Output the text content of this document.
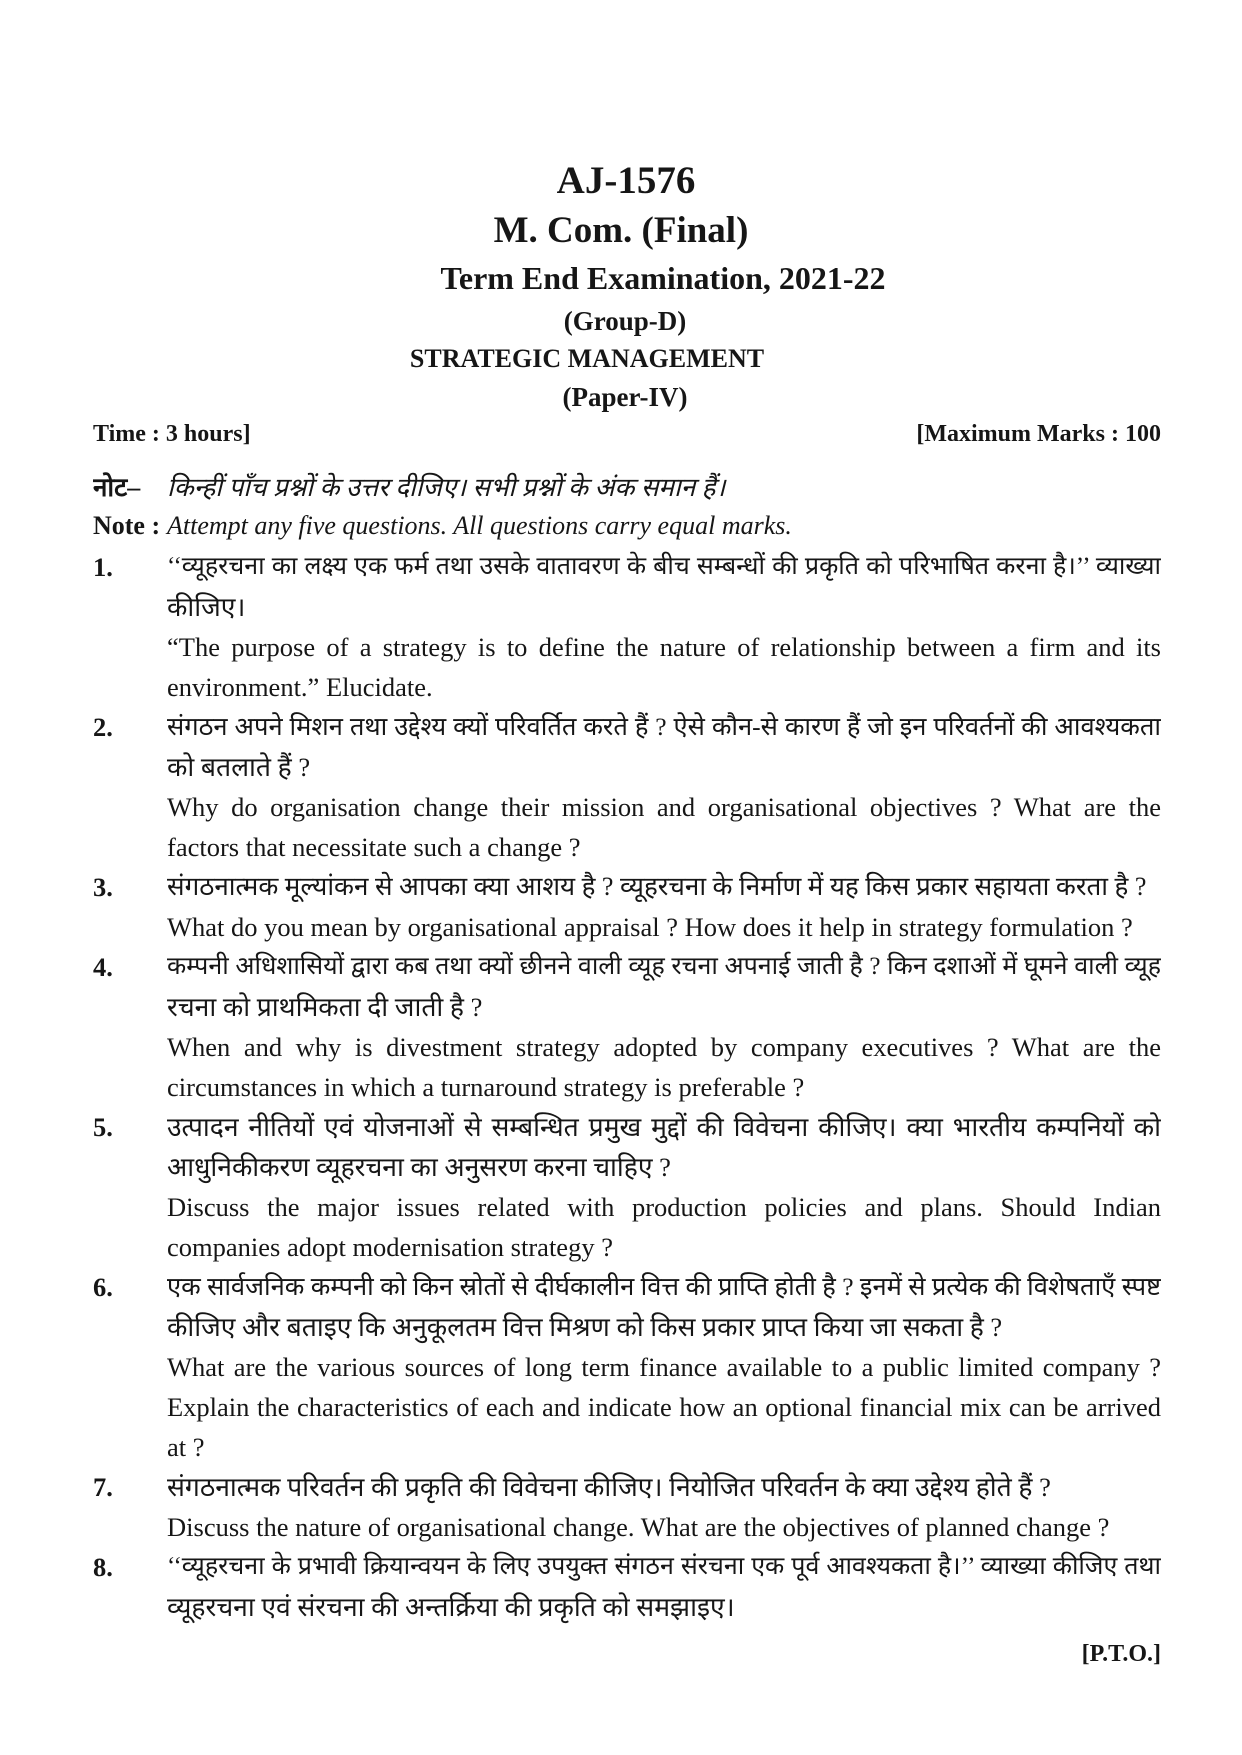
AJ-1576
M. Com. (Final)
Term End Examination, 2021-22
(Group-D)
STRATEGIC MANAGEMENT
(Paper-IV)
Time : 3 hours]	[Maximum Marks : 100
नोट– किन्हीं पाँच प्रश्नों के उत्तर दीजिए। सभी प्रश्नों के अंक समान हैं।
Note : Attempt any five questions. All questions carry equal marks.
1.	‘‘व्यूहरचना का लक्ष्य एक फर्म तथा उसके वातावरण के बीच सम्बन्धों की प्रकृति को परिभाषित करना है।’’ व्याख्या
कीजिए।
“The purpose of a strategy is to define the nature of relationship between a firm and its
environment.” Elucidate.
2.	संगठन अपने मिशन तथा उद्देश्य क्यों परिवर्तित करते हैं ? ऐसे कौन-से कारण हैं जो इन परिवर्तनों की आवश्यकता
को बतलाते हैं ?
Why do organisation change their mission and organisational objectives ? What are the
factors that necessitate such a change ?
3.	संगठनात्मक मूल्यांकन से आपका क्या आशय है ? व्यूहरचना के निर्माण में यह किस प्रकार सहायता करता है ?
What do you mean by organisational appraisal ? How does it help in strategy formulation ?
4.	कम्पनी अधिशासियों द्वारा कब तथा क्यों छीनने वाली व्यूह रचना अपनाई जाती है ? किन दशाओं में घूमने वाली व्यूह
रचना को प्राथमिकता दी जाती है ?
When and why is divestment strategy adopted by company executives ? What are the
circumstances in which a turnaround strategy is preferable ?
5.	उत्पादन नीतियों एवं योजनाओं से सम्बन्धित प्रमुख मुद्दों की विवेचना कीजिए। क्या भारतीय कम्पनियों को
आधुनिकीकरण व्यूहरचना का अनुसरण करना चाहिए ?
Discuss the major issues related with production policies and plans. Should Indian
companies adopt modernisation strategy ?
6.	एक सार्वजनिक कम्पनी को किन स्रोतों से दीर्घकालीन वित्त की प्राप्ति होती है ? इनमें से प्रत्येक की विशेषताएँ स्पष्ट
कीजिए और बताइए कि अनुकूलतम वित्त मिश्रण को किस प्रकार प्राप्त किया जा सकता है ?
What are the various sources of long term finance available to a public limited company ?
Explain the characteristics of each and indicate how an optional financial mix can be arrived
at ?
7.	संगठनात्मक परिवर्तन की प्रकृति की विवेचना कीजिए। नियोजित परिवर्तन के क्या उद्देश्य होते हैं ?
Discuss the nature of organisational change. What are the objectives of planned change ?
8.	‘‘व्यूहरचना के प्रभावी क्रियान्वयन के लिए उपयुक्त संगठन संरचना एक पूर्व आवश्यकता है।’’ व्याख्या कीजिए तथा
व्यूहरचना एवं संरचना की अन्तर्क्रिया की प्रकृति को समझाइए।
[P.T.O.]
